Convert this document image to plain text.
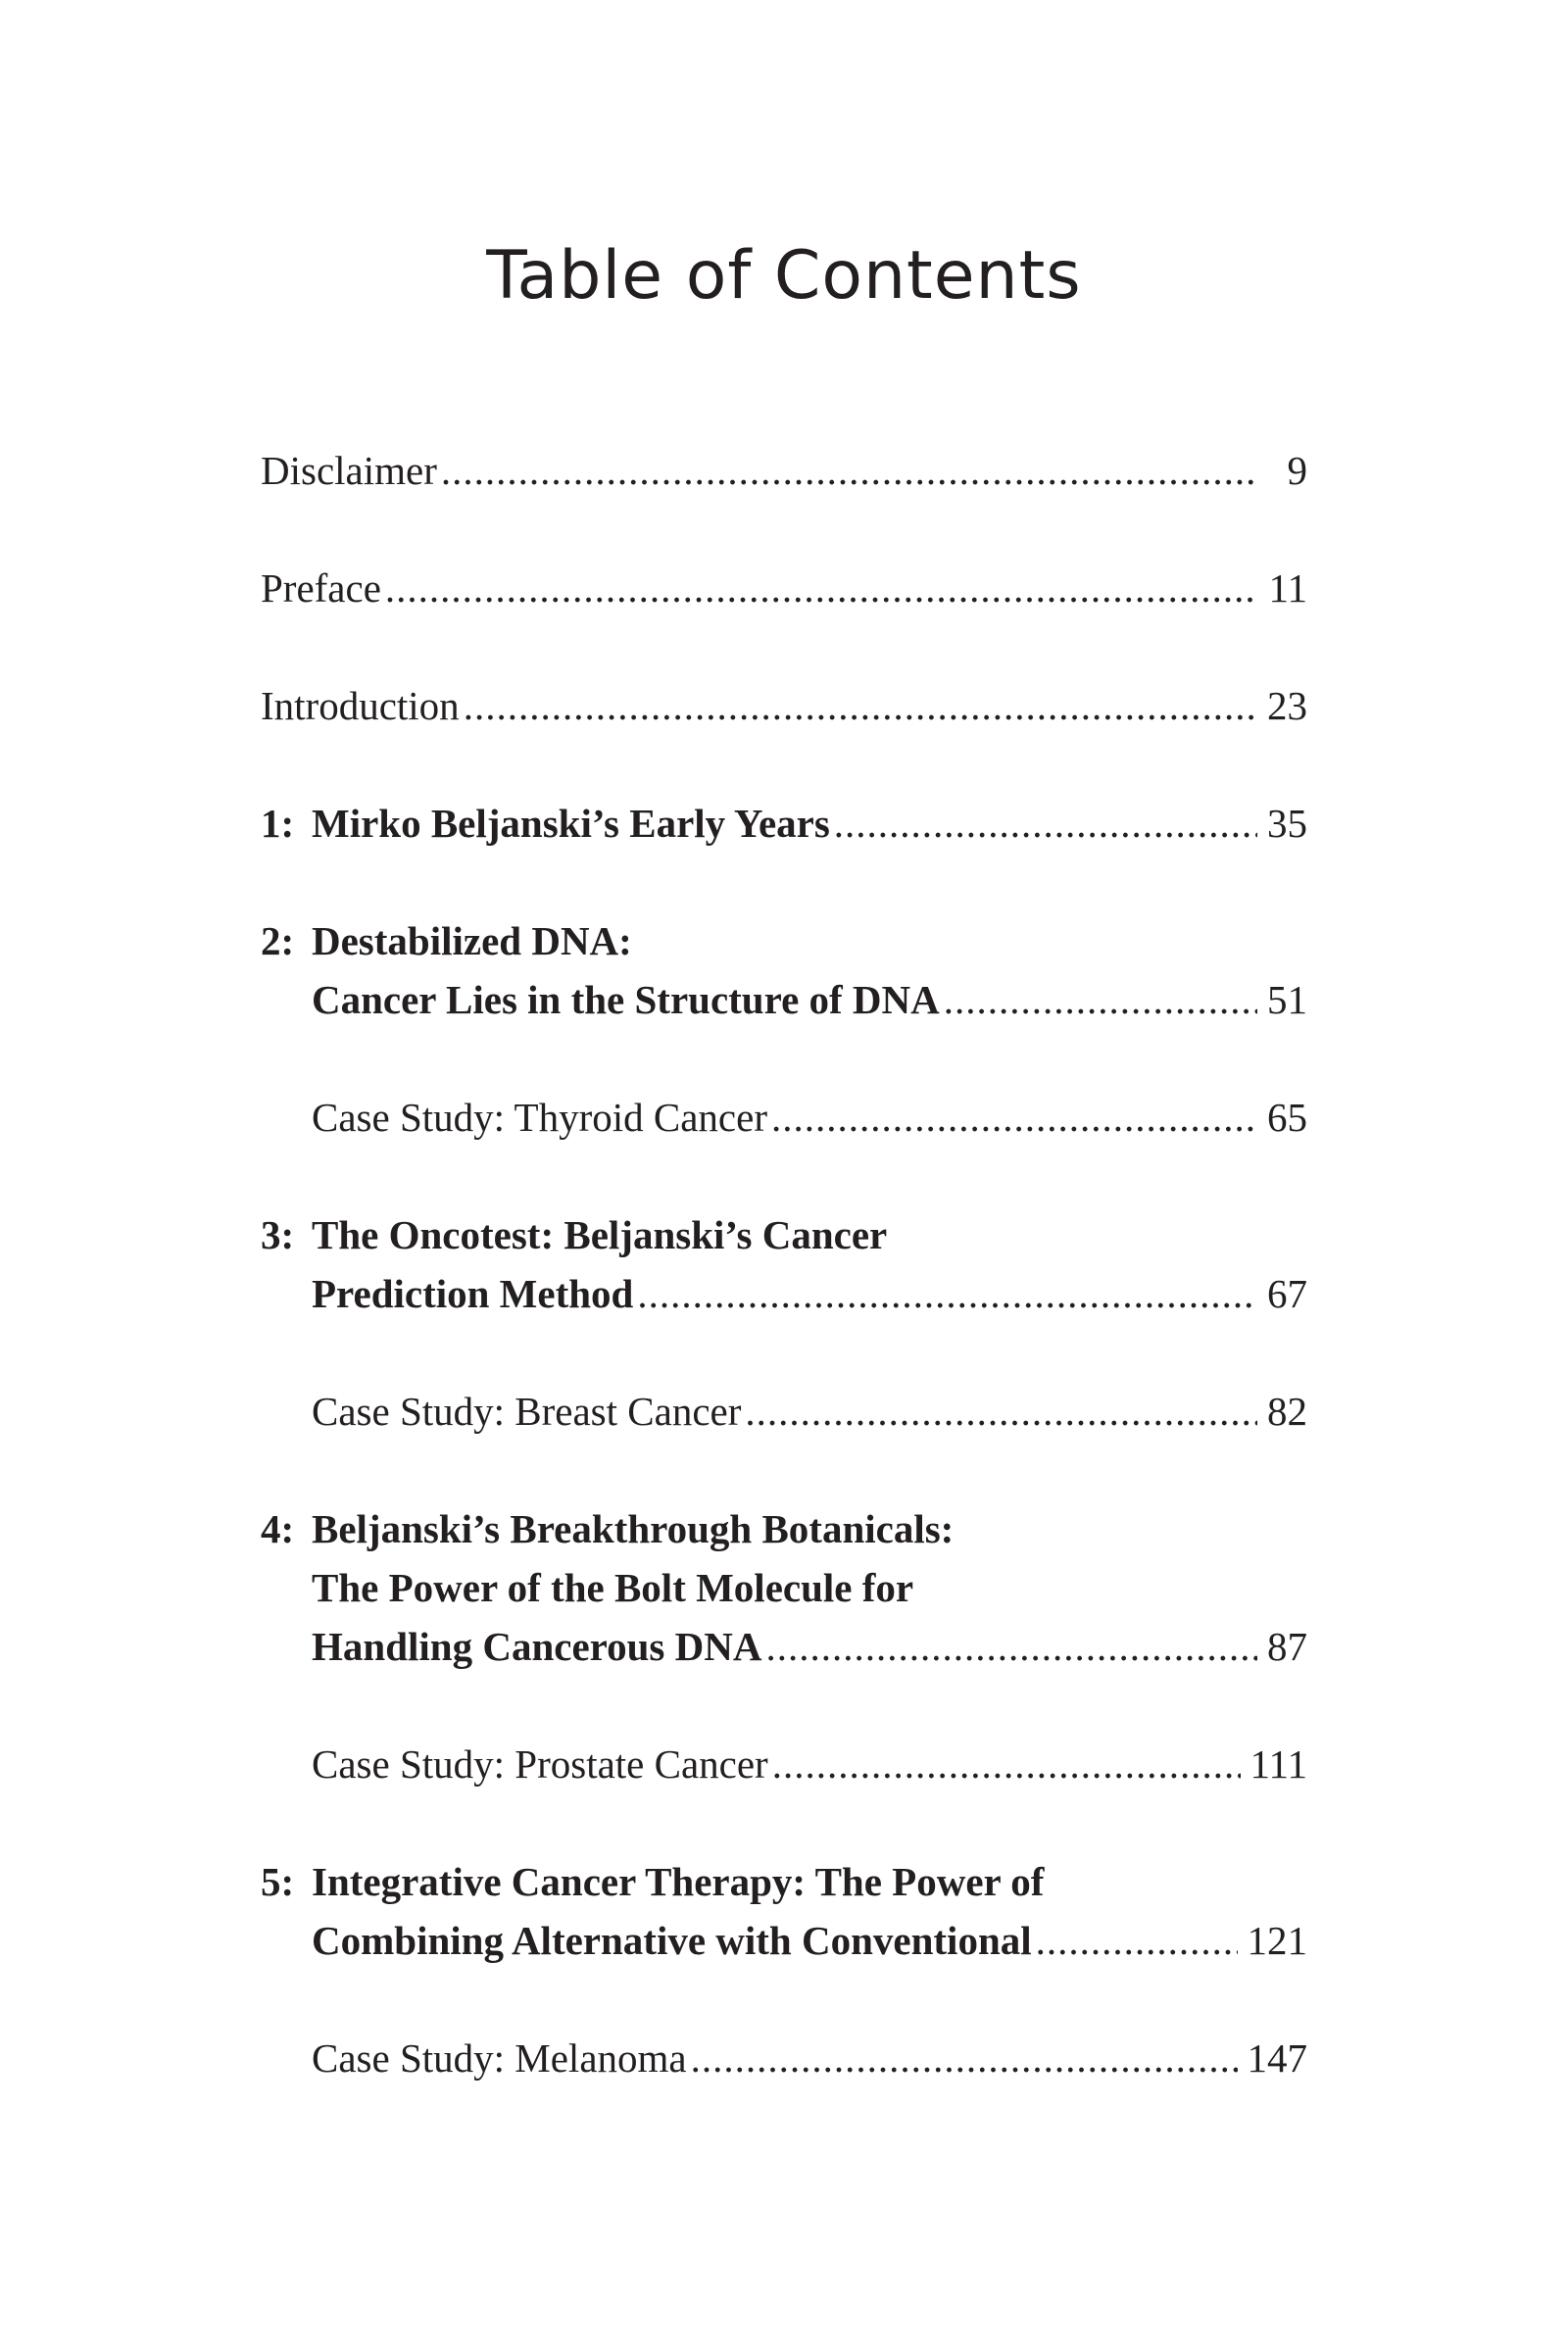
Table of Contents
Disclaimer .....	9
Preface .....	11
Introduction .....	23
1: Mirko Beljanski’s Early Years .....	35
2: Destabilized DNA:
Cancer Lies in the Structure of DNA .....	51
Case Study: Thyroid Cancer .....	65
3: The Oncotest: Beljanski’s Cancer
Prediction Method .....	67
Case Study: Breast Cancer .....	82
4: Beljanski’s Breakthrough Botanicals:
The Power of the Bolt Molecule for
Handling Cancerous DNA .....	87
Case Study: Prostate Cancer .....	111
5: Integrative Cancer Therapy: The Power of
Combining Alternative with Conventional .....	121
Case Study: Melanoma .....	147
